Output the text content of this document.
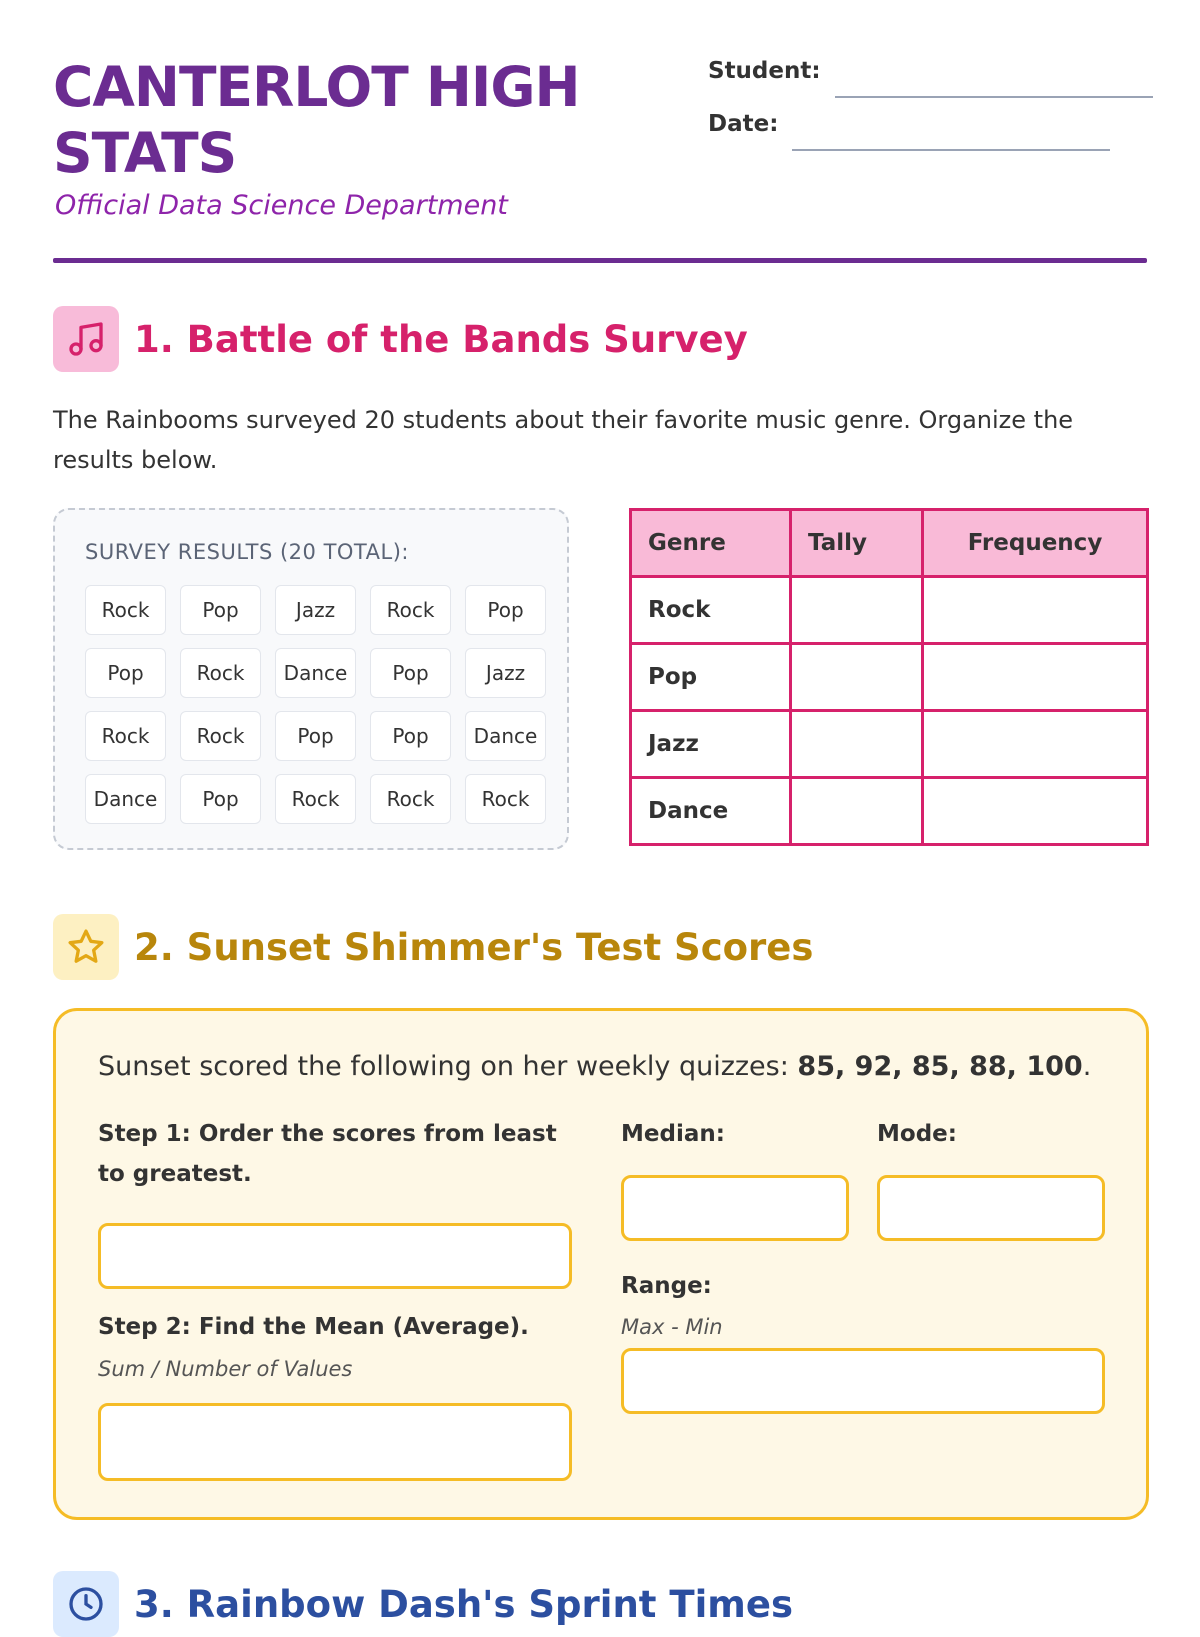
CANTERLOT HIGH STATS
Official Data Science Department
Student:
Date:
1. Battle of the Bands Survey
The Rainbooms surveyed 20 students about their favorite music genre. Organize the results below.
SURVEY RESULTS (20 TOTAL):
Rock	Pop	Jazz	Rock	Pop
Pop	Rock	Dance	Pop	Jazz
Rock	Rock	Pop	Pop	Dance
Dance	Pop	Rock	Rock	Rock
Genre	Tally	Frequency
Rock		
Pop		
Jazz		
Dance		
2. Sunset Shimmer's Test Scores
Sunset scored the following on her weekly quizzes: 85, 92, 85, 88, 100.
Step 1: Order the scores from least to greatest.
Step 2: Find the Mean (Average).
Sum / Number of Values
Median:	Mode:
Range:
Max - Min
3. Rainbow Dash's Sprint Times
